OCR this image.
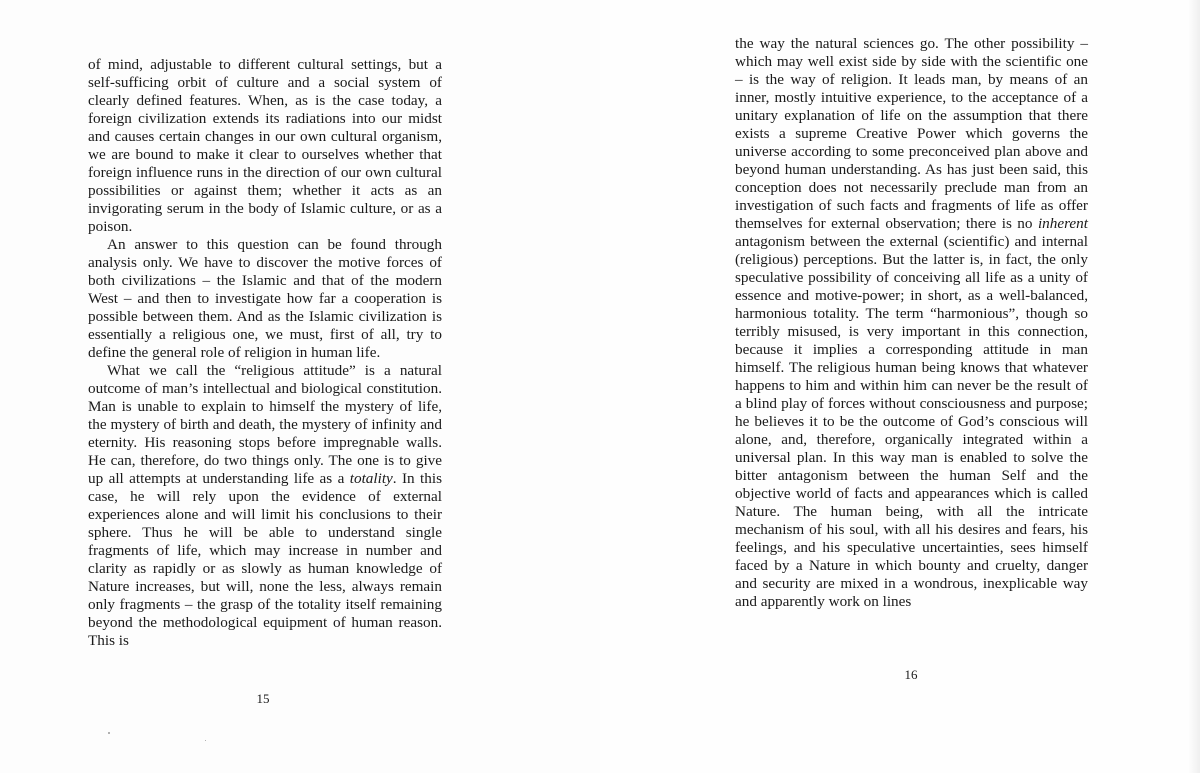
of mind, adjustable to different cultural settings, but a self-sufficing orbit of culture and a social system of clearly defined features. When, as is the case today, a foreign civilization extends its radiations into our midst and causes certain changes in our own cultural organism, we are bound to make it clear to ourselves whether that foreign influence runs in the direction of our own cultural possibilities or against them; whether it acts as an invigorating serum in the body of Islamic culture, or as a poison.

An answer to this question can be found through analysis only. We have to discover the motive forces of both civilizations – the Islamic and that of the modern West – and then to investigate how far a cooperation is possible between them. And as the Islamic civilization is essentially a religious one, we must, first of all, try to define the general role of religion in human life.

What we call the “religious attitude” is a natural outcome of man’s intellectual and biological constitution. Man is unable to explain to himself the mystery of life, the mystery of birth and death, the mystery of infinity and eternity. His reasoning stops before impregnable walls. He can, therefore, do two things only. The one is to give up all attempts at understanding life as a totality. In this case, he will rely upon the evidence of external experiences alone and will limit his conclusions to their sphere. Thus he will be able to understand single fragments of life, which may increase in number and clarity as rapidly or as slowly as human knowledge of Nature increases, but will, none the less, always remain only fragments – the grasp of the totality itself remaining beyond the methodological equipment of human reason. This is

15

the way the natural sciences go. The other possibility – which may well exist side by side with the scientific one – is the way of religion. It leads man, by means of an inner, mostly intuitive experience, to the acceptance of a unitary explanation of life on the assumption that there exists a supreme Creative Power which governs the universe according to some preconceived plan above and beyond human understanding. As has just been said, this conception does not necessarily preclude man from an investigation of such facts and fragments of life as offer themselves for external observation; there is no inherent antagonism between the external (scientific) and internal (religious) perceptions. But the latter is, in fact, the only speculative possibility of conceiving all life as a unity of essence and motive-power; in short, as a well-balanced, harmonious totality. The term “harmonious”, though so terribly misused, is very important in this connection, because it implies a corresponding attitude in man himself. The religious human being knows that whatever happens to him and within him can never be the result of a blind play of forces without consciousness and purpose; he believes it to be the outcome of God’s conscious will alone, and, therefore, organically integrated within a universal plan. In this way man is enabled to solve the bitter antagonism between the human Self and the objective world of facts and appearances which is called Nature. The human being, with all the intricate mechanism of his soul, with all his desires and fears, his feelings, and his speculative uncertainties, sees himself faced by a Nature in which bounty and cruelty, danger and security are mixed in a wondrous, inexplicable way and apparently work on lines

16
